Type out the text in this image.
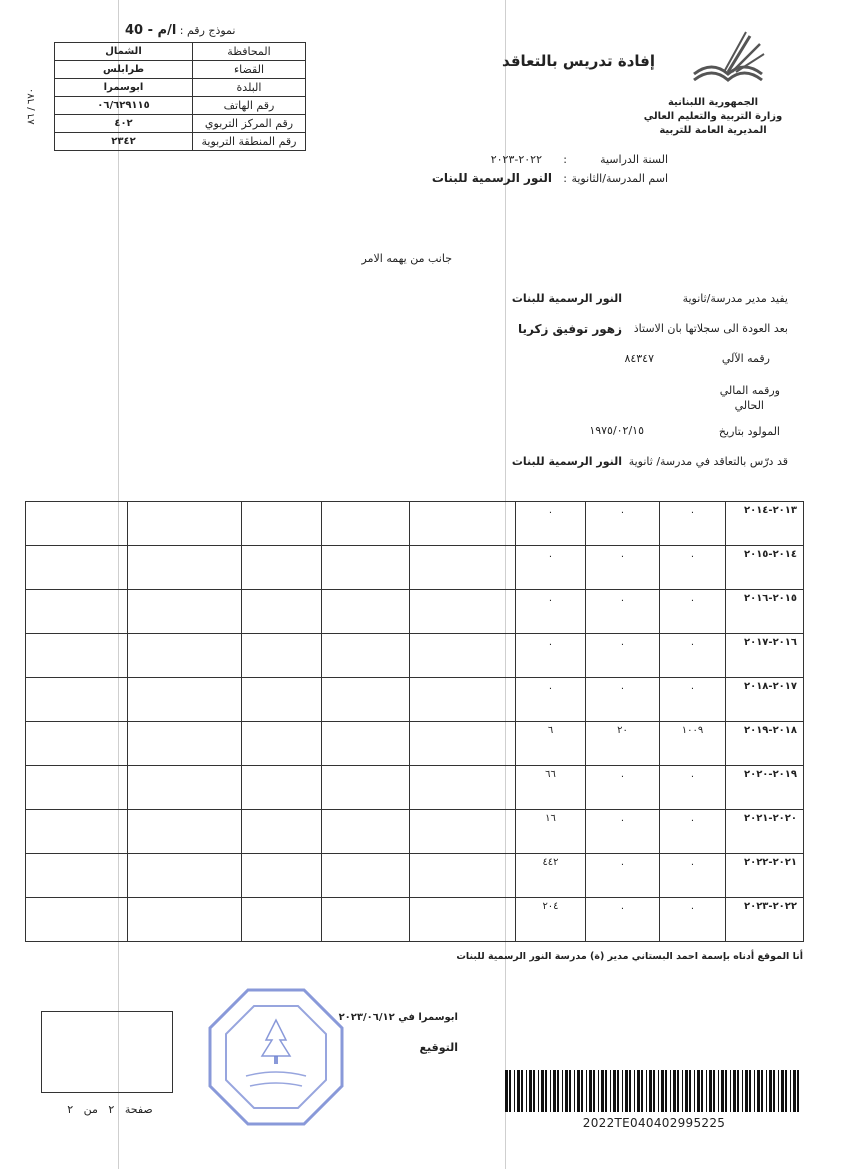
نموذج رقم : ا/م - 40
٦٧٠ / ٨٦
المحافظة	الشمال
القضاء	طرابلس
البلدة	ابوسمرا
رقم الهاتف	٠٦/٦٢٩١١٥
رقم المركز التربوي	٤٠٢
رقم المنطقة التربوية	٢٣٤٢
الجمهورية اللبنانية
وزارة التربية والتعليم العالي
المديرية العامة للتربية
إفادة تدريس بالتعاقد
السنة الدراسية
:
٢٠٢٢-٢٠٢٣
اسم المدرسة/الثانوية
:
النور الرسمية للبنات
جانب من يهمه الامر
يفيد مدير مدرسة/ثانوية
النور الرسمية للبنات
بعد العودة الى سجلاتها بان الاستاذ
زهور توفيق زكريا
رقمه الآلي
٨٤٣٤٧
ورقمه المالي
الحالي
المولود بتاريخ
١٩٧٥/٠٢/١٥
قد درّس بالتعاقد في مدرسة/ ثانوية
النور الرسمية للبنات
٢٠١٣-٢٠١٤	.	.	.					
٢٠١٤-٢٠١٥	.	.	.					
٢٠١٥-٢٠١٦	.	.	.					
٢٠١٦-٢٠١٧	.	.	.					
٢٠١٧-٢٠١٨	.	.	.					
٢٠١٨-٢٠١٩	١٠٠٩	٢٠	٦					
٢٠١٩-٢٠٢٠	.	.	٦٦					
٢٠٢٠-٢٠٢١	.	.	١٦					
٢٠٢١-٢٠٢٢	.	.	٤٤٢					
٢٠٢٢-٢٠٢٣	.	.	٢٠٤					
أنا الموقع أدناه بإسمة احمد البستاني مدير (ة) مدرسة النور الرسمية للبنات
ابوسمرا في ٢٠٢٣/٠٦/١٢
التوقيع
صفحة   ٢   من   ٢
2022TE040402995225
